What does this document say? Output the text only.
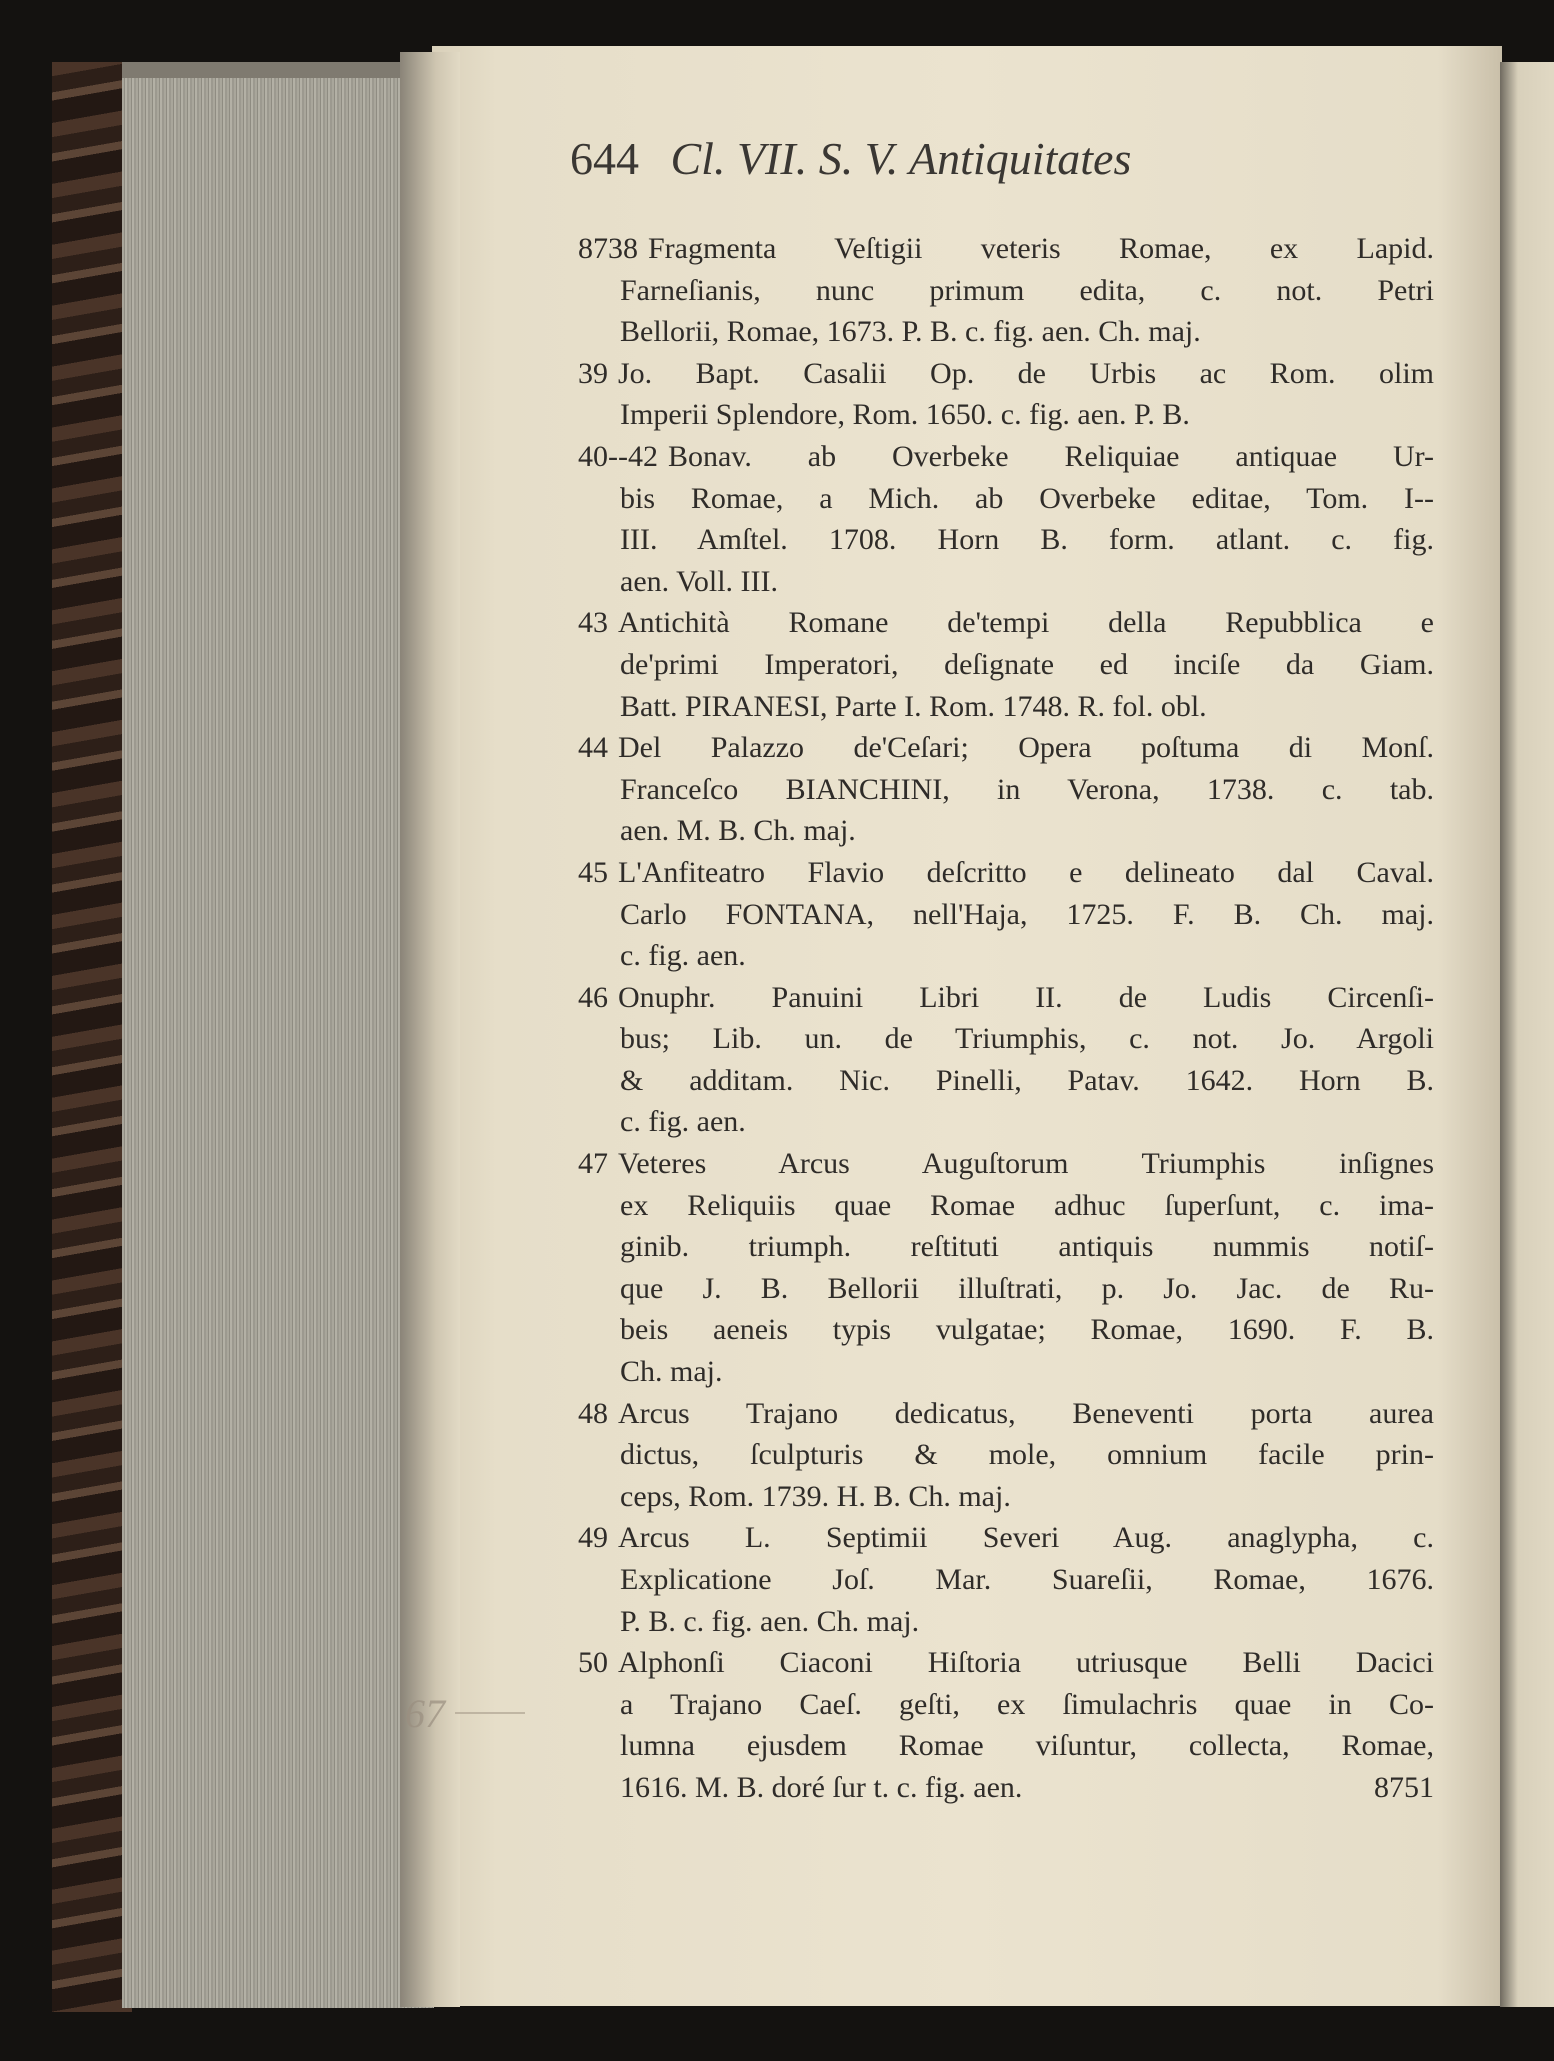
644 Cl. VII. S. V. Antiquitates
8738 Fragmenta Veſtigii veteris Romae, ex Lapid.
Farneſianis, nunc primum edita, c. not. Petri
Bellorii, Romae, 1673. P. B. c. fig. aen. Ch. maj.
39 Jo. Bapt. Casalii Op. de Urbis ac Rom. olim
Imperii Splendore, Rom. 1650. c. fig. aen. P. B.
40--42 Bonav. ab Overbeke Reliquiae antiquae Ur-
bis Romae, a Mich. ab Overbeke editae, Tom. I--
III. Amſtel. 1708. Horn B. form. atlant. c. fig.
aen. Voll. III.
43 Antichità Romane de'tempi della Repubblica e
de'primi Imperatori, deſignate ed inciſe da Giam.
Batt. PIRANESI, Parte I. Rom. 1748. R. fol. obl.
44 Del Palazzo de'Ceſari; Opera poſtuma di Monſ.
Franceſco BIANCHINI, in Verona, 1738. c. tab.
aen. M. B. Ch. maj.
45 L'Anfiteatro Flavio deſcritto e delineato dal Caval.
Carlo FONTANA, nell'Haja, 1725. F. B. Ch. maj.
c. fig. aen.
46 Onuphr. Panuini Libri II. de Ludis Circenſi-
bus; Lib. un. de Triumphis, c. not. Jo. Argoli
& additam. Nic. Pinelli, Patav. 1642. Horn B.
c. fig. aen.
47 Veteres Arcus Auguſtorum Triumphis inſignes
ex Reliquiis quae Romae adhuc ſuperſunt, c. ima-
ginib. triumph. reſtituti antiquis nummis notiſ-
que J. B. Bellorii illuſtrati, p. Jo. Jac. de Ru-
beis aeneis typis vulgatae; Romae, 1690. F. B.
Ch. maj.
48 Arcus Trajano dedicatus, Beneventi porta aurea
dictus, ſculpturis & mole, omnium facile prin-
ceps, Rom. 1739. H. B. Ch. maj.
49 Arcus L. Septimii Severi Aug. anaglypha, c.
Explicatione Joſ. Mar. Suareſii, Romae, 1676.
P. B. c. fig. aen. Ch. maj.
50 Alphonſi Ciaconi Hiſtoria utriusque Belli Dacici
a Trajano Caeſ. geſti, ex ſimulachris quae in Co-
lumna ejusdem Romae viſuntur, collecta, Romae,
1616. M. B. doré ſur t. c. fig. aen.	8751
67
